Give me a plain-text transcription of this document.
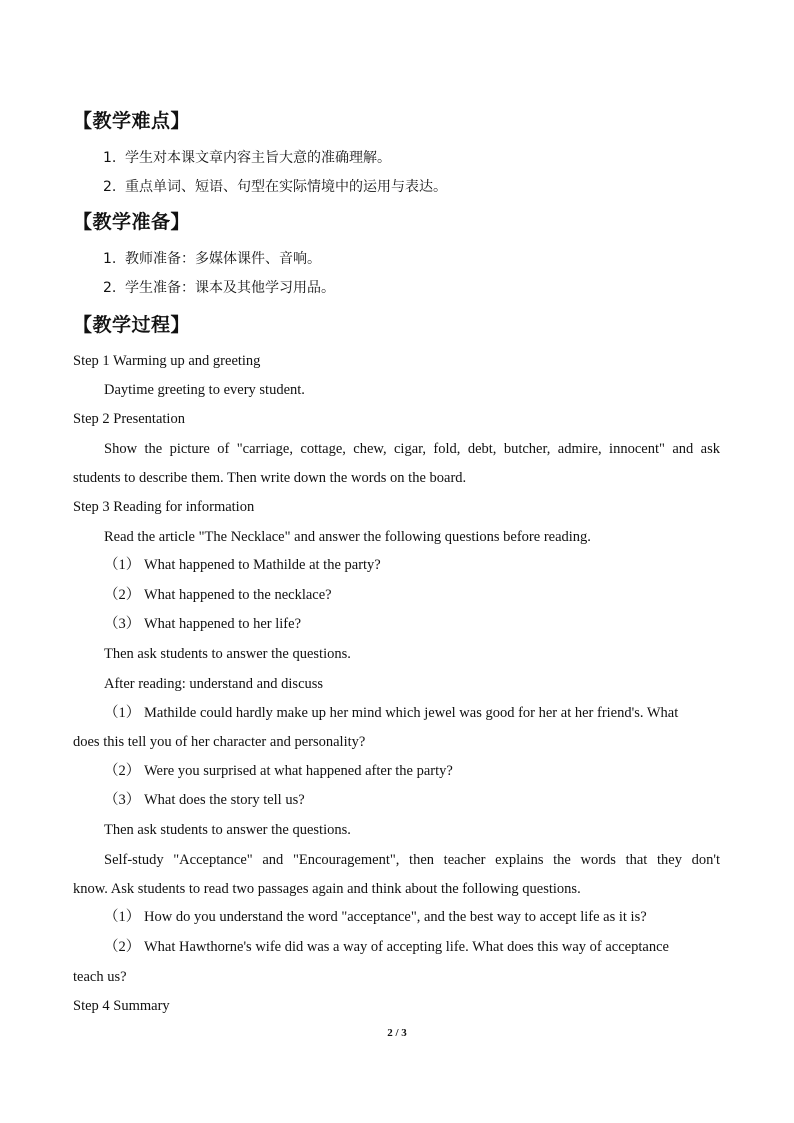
【教学难点】
1. 学生对本课文章内容主旨大意的准确理解。
2. 重点单词、短语、句型在实际情境中的运用与表达。
【教学准备】
1. 教师准备：多媒体课件、音响。
2. 学生准备：课本及其他学习用品。
【教学过程】
Step 1 Warming up and greeting
Daytime greeting to every student.
Step 2 Presentation
Show the picture of "carriage, cottage, chew, cigar, fold, debt, butcher, admire, innocent" and ask
students to describe them. Then write down the words on the board.
Step 3 Reading for information
Read the article "The Necklace" and answer the following questions before reading.
（1） What happened to Mathilde at the party?
（2） What happened to the necklace?
（3） What happened to her life?
Then ask students to answer the questions.
After reading: understand and discuss
（1） Mathilde could hardly make up her mind which jewel was good for her at her friend's. What
does this tell you of her character and personality?
（2） Were you surprised at what happened after the party?
（3） What does the story tell us?
Then ask students to answer the questions.
Self-study "Acceptance" and "Encouragement", then teacher explains the words that they don't
know. Ask students to read two passages again and think about the following questions.
（1） How do you understand the word "acceptance", and the best way to accept life as it is?
（2） What Hawthorne's wife did was a way of accepting life. What does this way of acceptance
teach us?
Step 4 Summary
2 / 3
